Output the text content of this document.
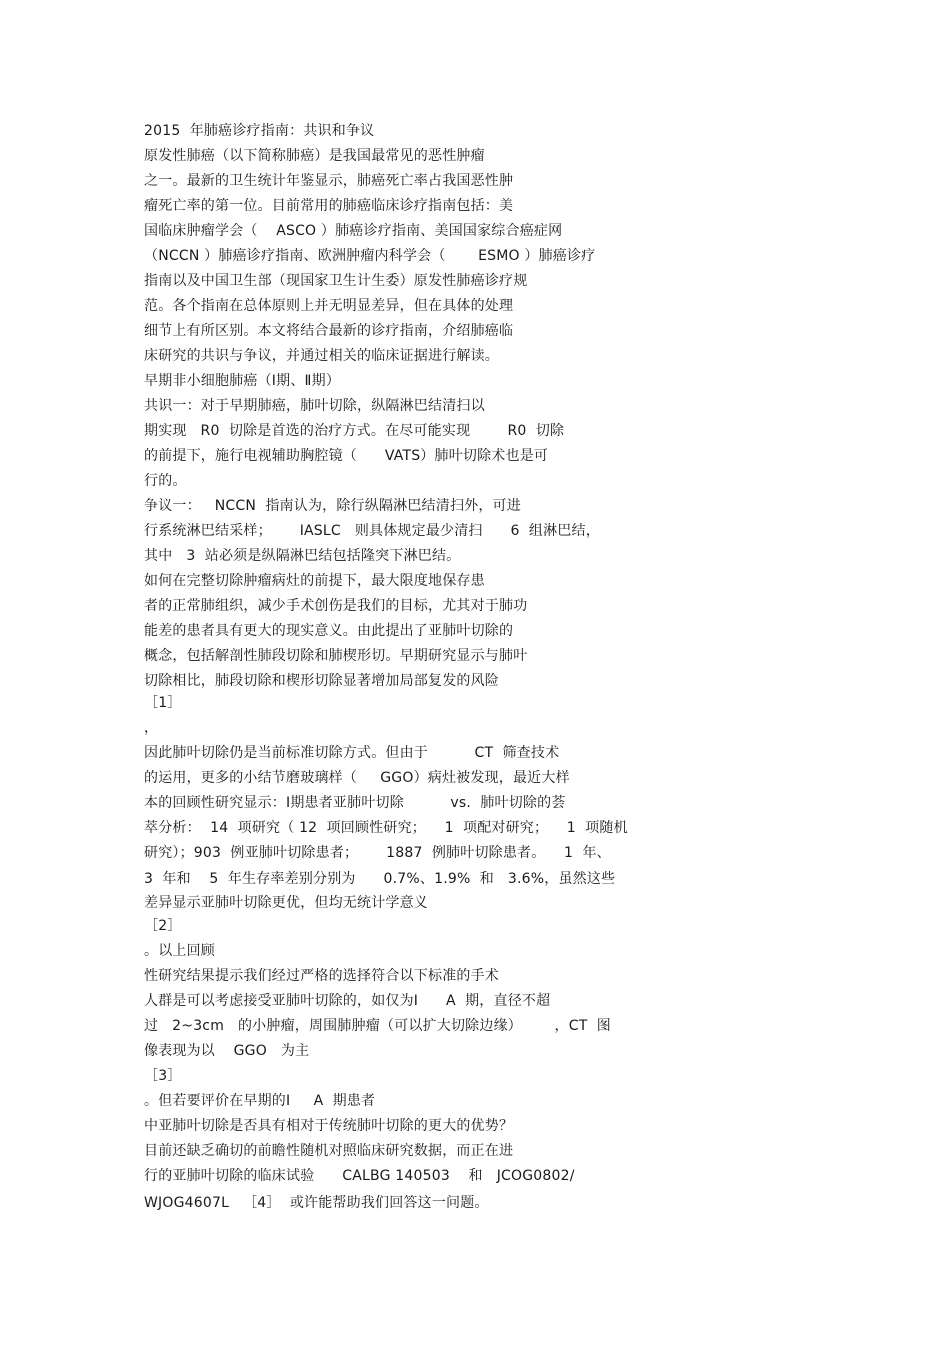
2015  年肺癌诊疗指南：共识和争议
原发性肺癌（以下简称肺癌）是我国最常见的恶性肿瘤
之一。最新的卫生统计年鉴显示，肺癌死亡率占我国恶性肿
瘤死亡率的第一位。目前常用的肺癌临床诊疗指南包括：美
国临床肿瘤学会（    ASCO ）肺癌诊疗指南、美国国家综合癌症网
（NCCN ）肺癌诊疗指南、欧洲肿瘤内科学会（       ESMO ）肺癌诊疗
指南以及中国卫生部（现国家卫生计生委）原发性肺癌诊疗规
范。各个指南在总体原则上并无明显差异，但在具体的处理
细节上有所区别。本文将结合最新的诊疗指南，介绍肺癌临
床研究的共识与争议，并通过相关的临床证据进行解读。
早期非小细胞肺癌（Ⅰ期、Ⅱ期）
共识一：对于早期肺癌，肺叶切除，纵隔淋巴结清扫以
期实现   R0  切除是首选的治疗方式。在尽可能实现        R0  切除
的前提下，施行电视辅助胸腔镜（      VATS）肺叶切除术也是可
行的。
争议一：   NCCN  指南认为，除行纵隔淋巴结清扫外，可进
行系统淋巴结采样；      IASLC   则具体规定最少清扫      6  组淋巴结，
其中   3  站必须是纵隔淋巴结包括隆突下淋巴结。
如何在完整切除肿瘤病灶的前提下，最大限度地保存患
者的正常肺组织，减少手术创伤是我们的目标，尤其对于肺功
能差的患者具有更大的现实意义。由此提出了亚肺叶切除的
概念，包括解剖性肺段切除和肺楔形切。早期研究显示与肺叶
切除相比，肺段切除和楔形切除显著增加局部复发的风险
［1］
，
因此肺叶切除仍是当前标准切除方式。但由于          CT  筛查技术
的运用，更多的小结节磨玻璃样（     GGO）病灶被发现，最近大样
本的回顾性研究显示：Ⅰ期患者亚肺叶切除          vs.  肺叶切除的荟
萃分析：  14  项研究（ 12  项回顾性研究；    1  项配对研究；    1  项随机
研究）；903  例亚肺叶切除患者；      1887  例肺叶切除患者。    1  年、
3  年和    5  年生存率差别分别为      0.7%、1.9%  和   3.6%，虽然这些
差异显示亚肺叶切除更优，但均无统计学意义
［2］
。以上回顾
性研究结果提示我们经过严格的选择符合以下标准的手术
人群是可以考虑接受亚肺叶切除的，如仅为Ⅰ      A  期，直径不超
过   2~3cm   的小肿瘤，周围肺肿瘤（可以扩大切除边缘）       ，CT  图
像表现为以    GGO   为主
［3］
。但若要评价在早期的Ⅰ     A  期患者
中亚肺叶切除是否具有相对于传统肺叶切除的更大的优势？
目前还缺乏确切的前瞻性随机对照临床研究数据，而正在进
行的亚肺叶切除的临床试验      CALBG 140503    和   JCOG0802/
WJOG4607L   ［4］  或许能帮助我们回答这一问题。
